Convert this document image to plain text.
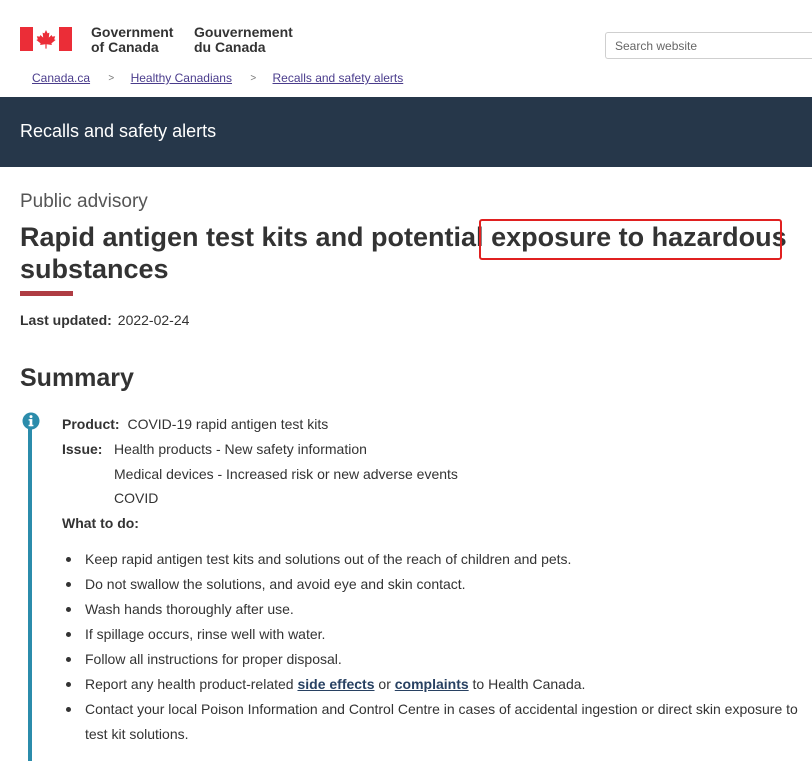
Government
of Canada
Gouvernement
du Canada
Search website
Canada.ca > Healthy Canadians > Recalls and safety alerts
Recalls and safety alerts
Public advisory
Rapid antigen test kits and potential exposure to hazardous
substances
Last updated: 2022-02-24
Summary
Product: COVID-19 rapid antigen test kits
Issue: Health products - New safety information
Medical devices - Increased risk or new adverse events
COVID
What to do:
Keep rapid antigen test kits and solutions out of the reach of children and pets.
Do not swallow the solutions, and avoid eye and skin contact.
Wash hands thoroughly after use.
If spillage occurs, rinse well with water.
Follow all instructions for proper disposal.
Report any health product-related side effects or complaints to Health Canada.
Contact your local Poison Information and Control Centre in cases of accidental ingestion or direct skin exposure to test kit solutions.
